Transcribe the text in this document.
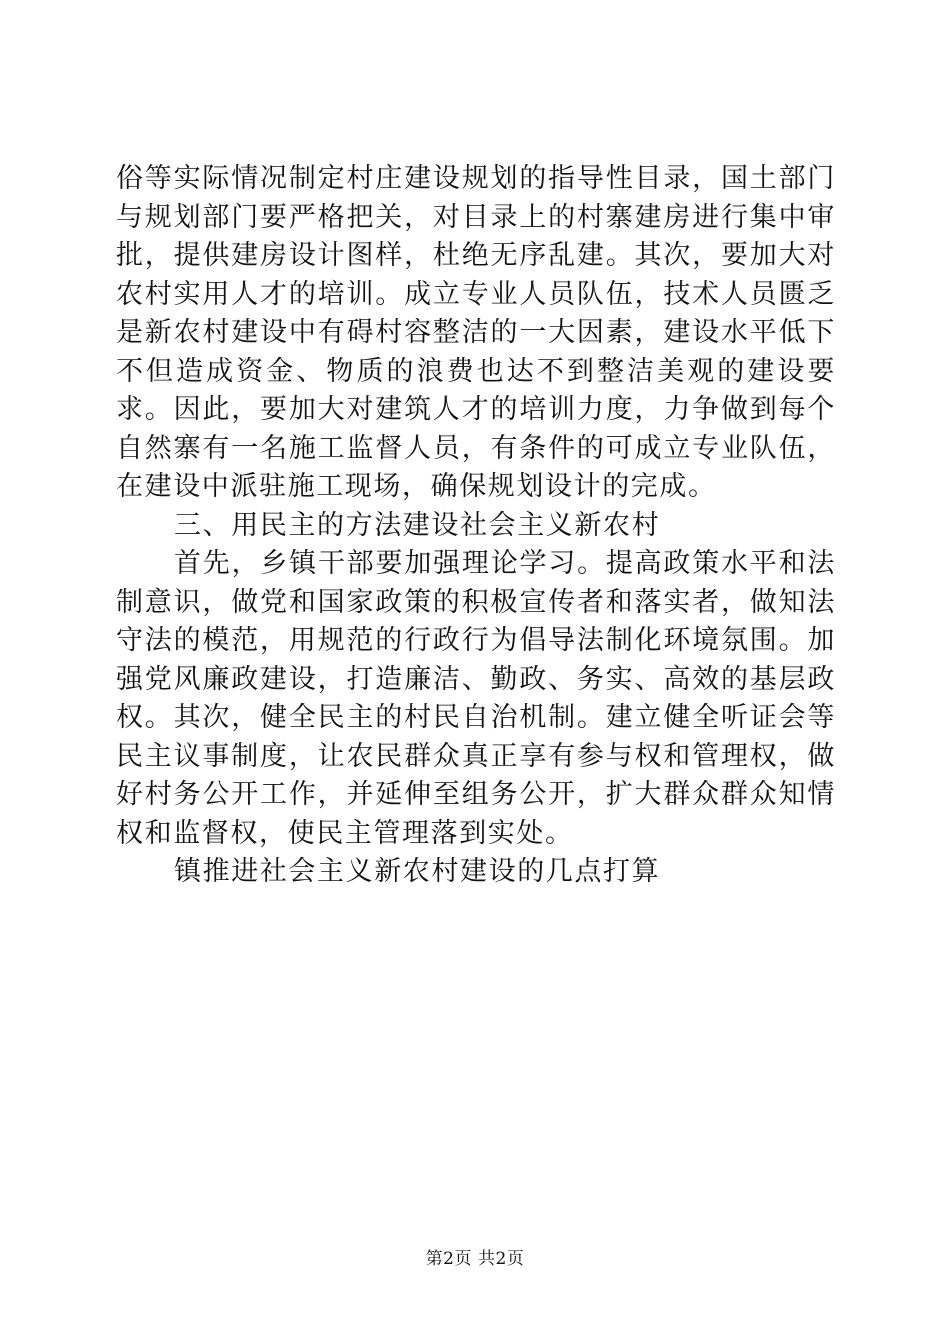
俗等实际情况制定村庄建设规划的指导性目录，国土部门与规划部门要严格把关，对目录上的村寨建房进行集中审批，提供建房设计图样，杜绝无序乱建。其次，要加大对农村实用人才的培训。成立专业人员队伍，技术人员匮乏是新农村建设中有碍村容整洁的一大因素，建设水平低下不但造成资金、物质的浪费也达不到整洁美观的建设要求。因此，要加大对建筑人才的培训力度，力争做到每个自然寨有一名施工监督人员，有条件的可成立专业队伍，在建设中派驻施工现场，确保规划设计的完成。

三、用民主的方法建设社会主义新农村

首先，乡镇干部要加强理论学习。提高政策水平和法制意识，做党和国家政策的积极宣传者和落实者，做知法守法的模范，用规范的行政行为倡导法制化环境氛围。加强党风廉政建设，打造廉洁、勤政、务实、高效的基层政权。其次，健全民主的村民自治机制。建立健全听证会等民主议事制度，让农民群众真正享有参与权和管理权，做好村务公开工作，并延伸至组务公开，扩大群众群众知情权和监督权，使民主管理落到实处。

镇推进社会主义新农村建设的几点打算

第2页 共2页
